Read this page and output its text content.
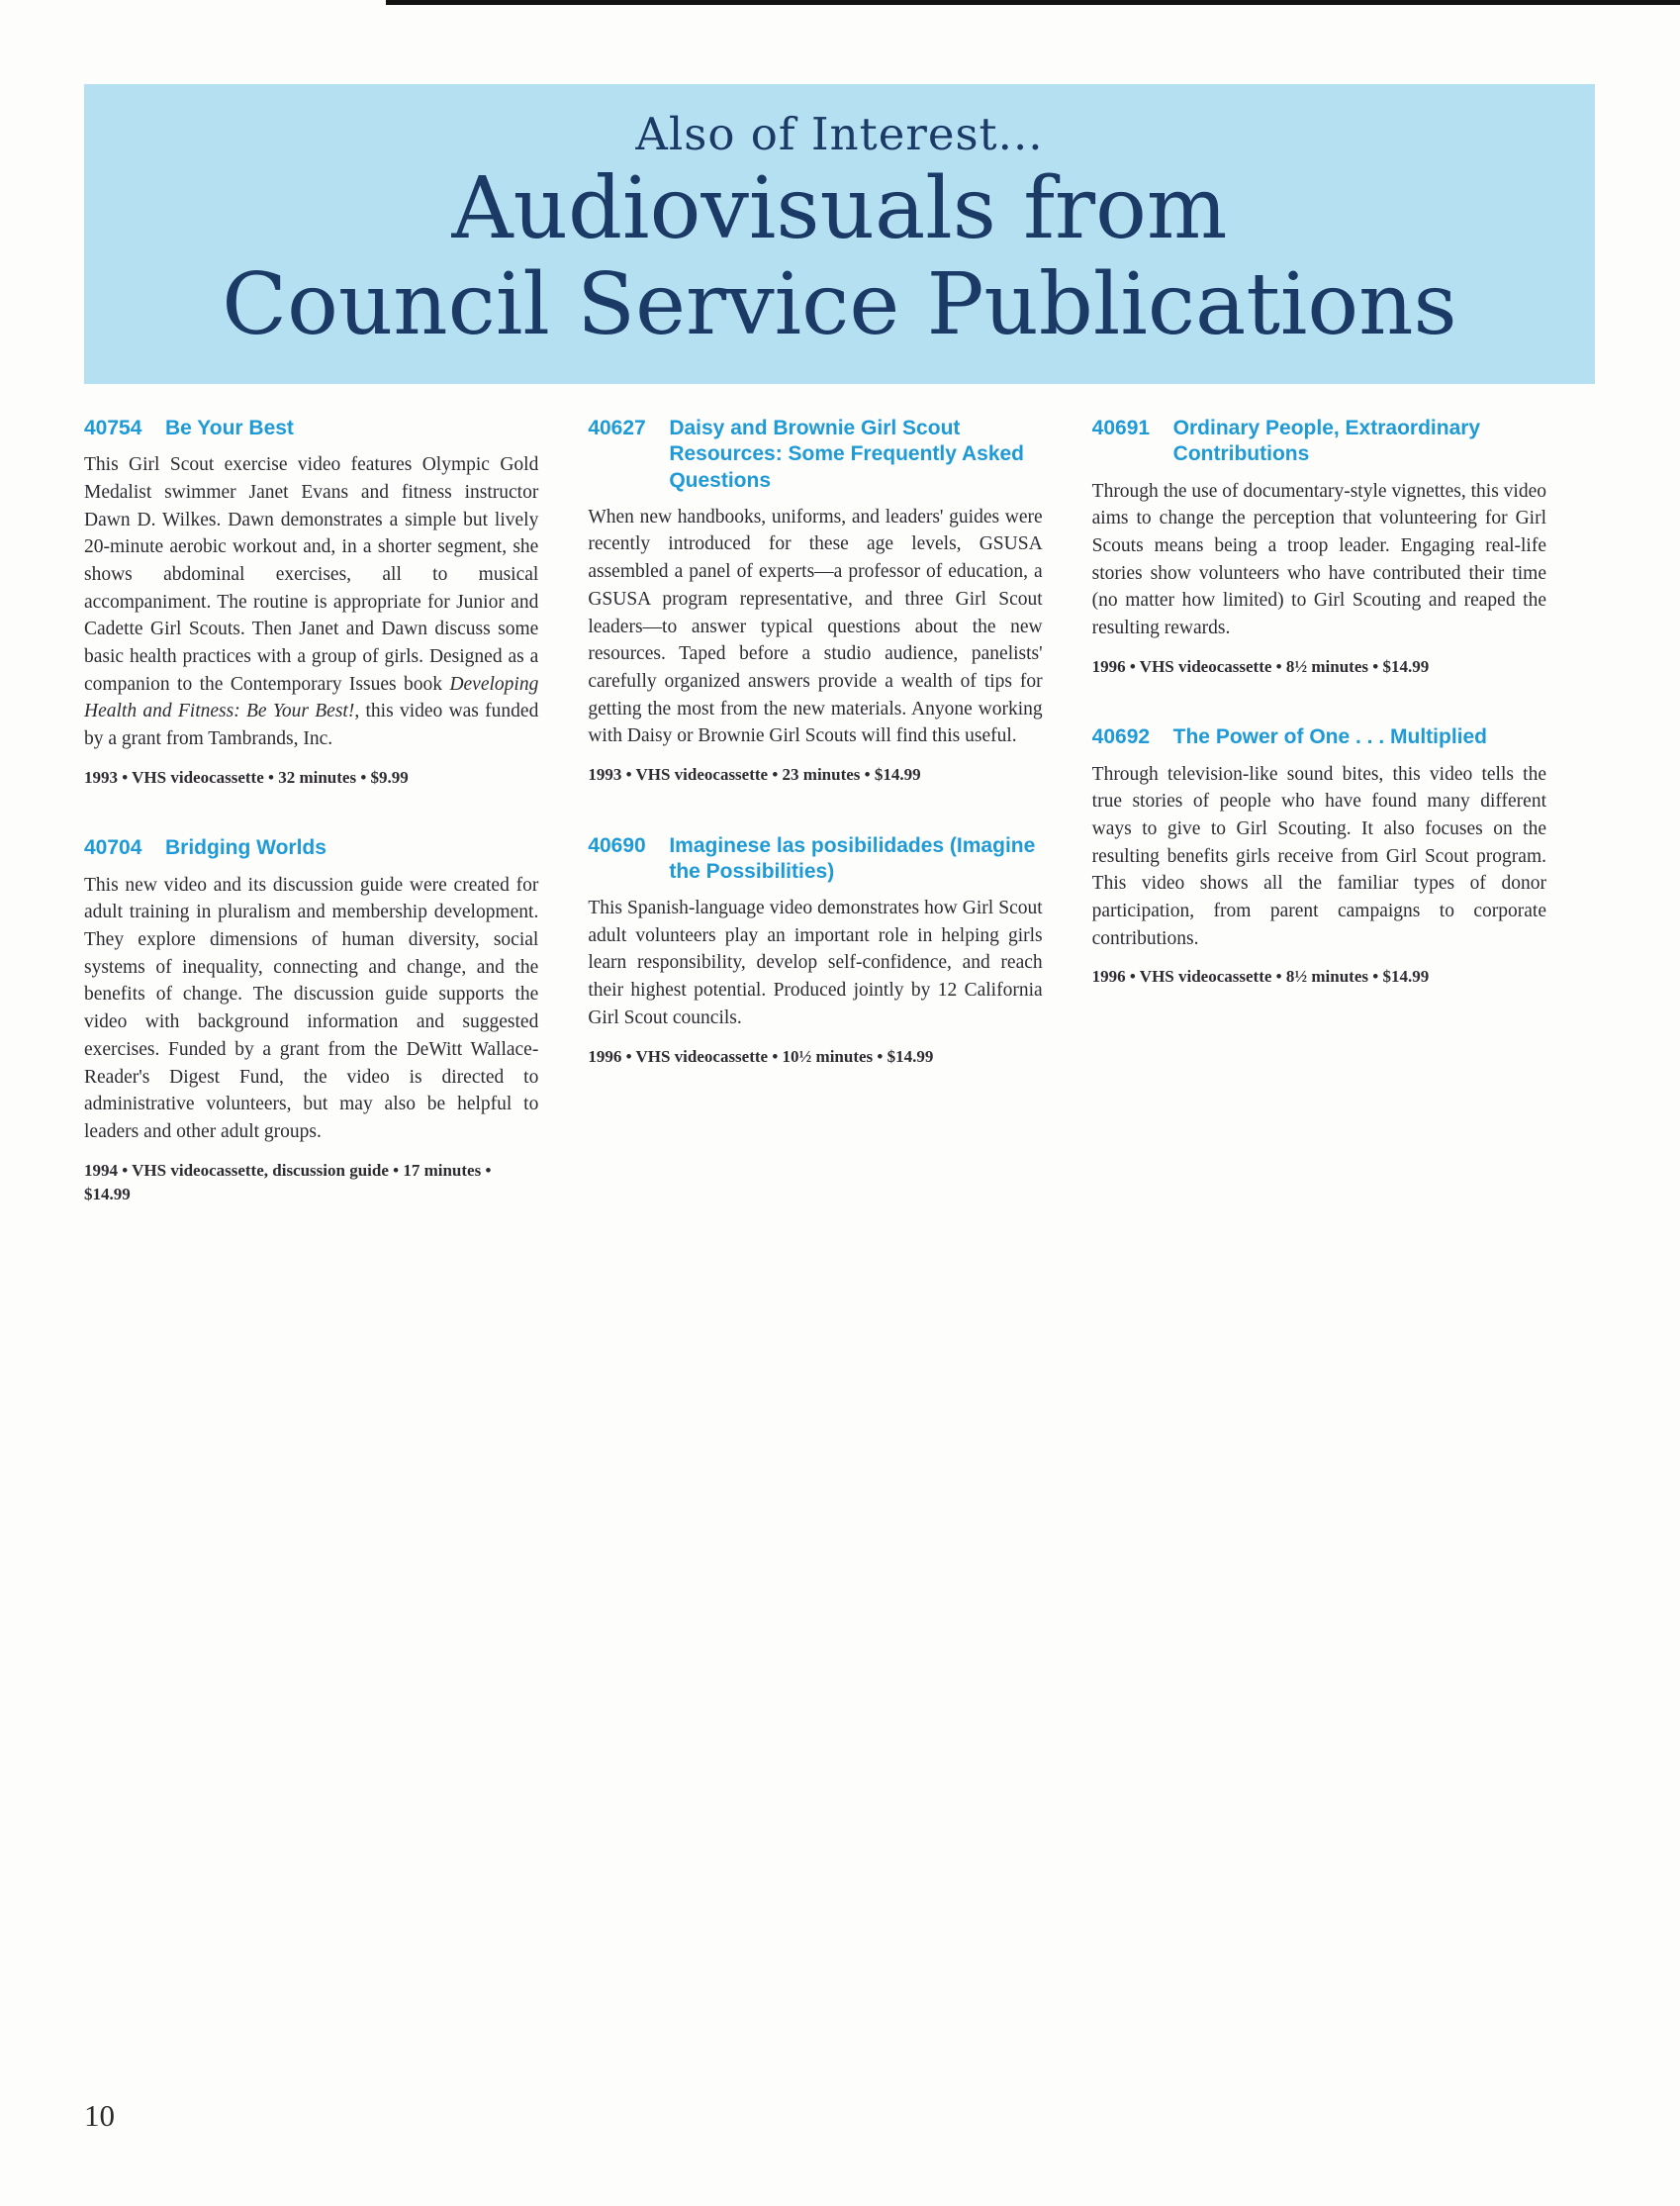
Also of Interest...
Audiovisuals from
Council Service Publications
40754	Be Your Best

This Girl Scout exercise video features Olympic Gold Medalist swimmer Janet Evans and fitness instructor Dawn D. Wilkes. Dawn demonstrates a simple but lively 20-minute aerobic workout and, in a shorter segment, she shows abdominal exercises, all to musical accompaniment. The routine is appropriate for Junior and Cadette Girl Scouts. Then Janet and Dawn discuss some basic health practices with a group of girls. Designed as a companion to the Contemporary Issues book Developing Health and Fitness: Be Your Best!, this video was funded by a grant from Tambrands, Inc.

1993 • VHS videocassette • 32 minutes • $9.99

40704	Bridging Worlds

This new video and its discussion guide were created for adult training in pluralism and membership development. They explore dimensions of human diversity, social systems of inequality, connecting and change, and the benefits of change. The discussion guide supports the video with background information and suggested exercises. Funded by a grant from the DeWitt Wallace-Reader's Digest Fund, the video is directed to administrative volunteers, but may also be helpful to leaders and other adult groups.

1994 • VHS videocassette, discussion guide • 17 minutes • $14.99

40627	Daisy and Brownie Girl Scout Resources: Some Frequently Asked Questions

When new handbooks, uniforms, and leaders' guides were recently introduced for these age levels, GSUSA assembled a panel of experts—a professor of education, a GSUSA program representative, and three Girl Scout leaders—to answer typical questions about the new resources. Taped before a studio audience, panelists' carefully organized answers provide a wealth of tips for getting the most from the new materials. Anyone working with Daisy or Brownie Girl Scouts will find this useful.

1993 • VHS videocassette • 23 minutes • $14.99

40690	Imaginese las posibilidades (Imagine the Possibilities)

This Spanish-language video demonstrates how Girl Scout adult volunteers play an important role in helping girls learn responsibility, develop self-confidence, and reach their highest potential. Produced jointly by 12 California Girl Scout councils.

1996 • VHS videocassette • 10½ minutes • $14.99

40691	Ordinary People, Extraordinary Contributions

Through the use of documentary-style vignettes, this video aims to change the perception that volunteering for Girl Scouts means being a troop leader. Engaging real-life stories show volunteers who have contributed their time (no matter how limited) to Girl Scouting and reaped the resulting rewards.

1996 • VHS videocassette • 8½ minutes • $14.99

40692	The Power of One . . . Multiplied

Through television-like sound bites, this video tells the true stories of people who have found many different ways to give to Girl Scouting. It also focuses on the resulting benefits girls receive from Girl Scout program. This video shows all the familiar types of donor participation, from parent campaigns to corporate contributions.

1996 • VHS videocassette • 8½ minutes • $14.99

10
